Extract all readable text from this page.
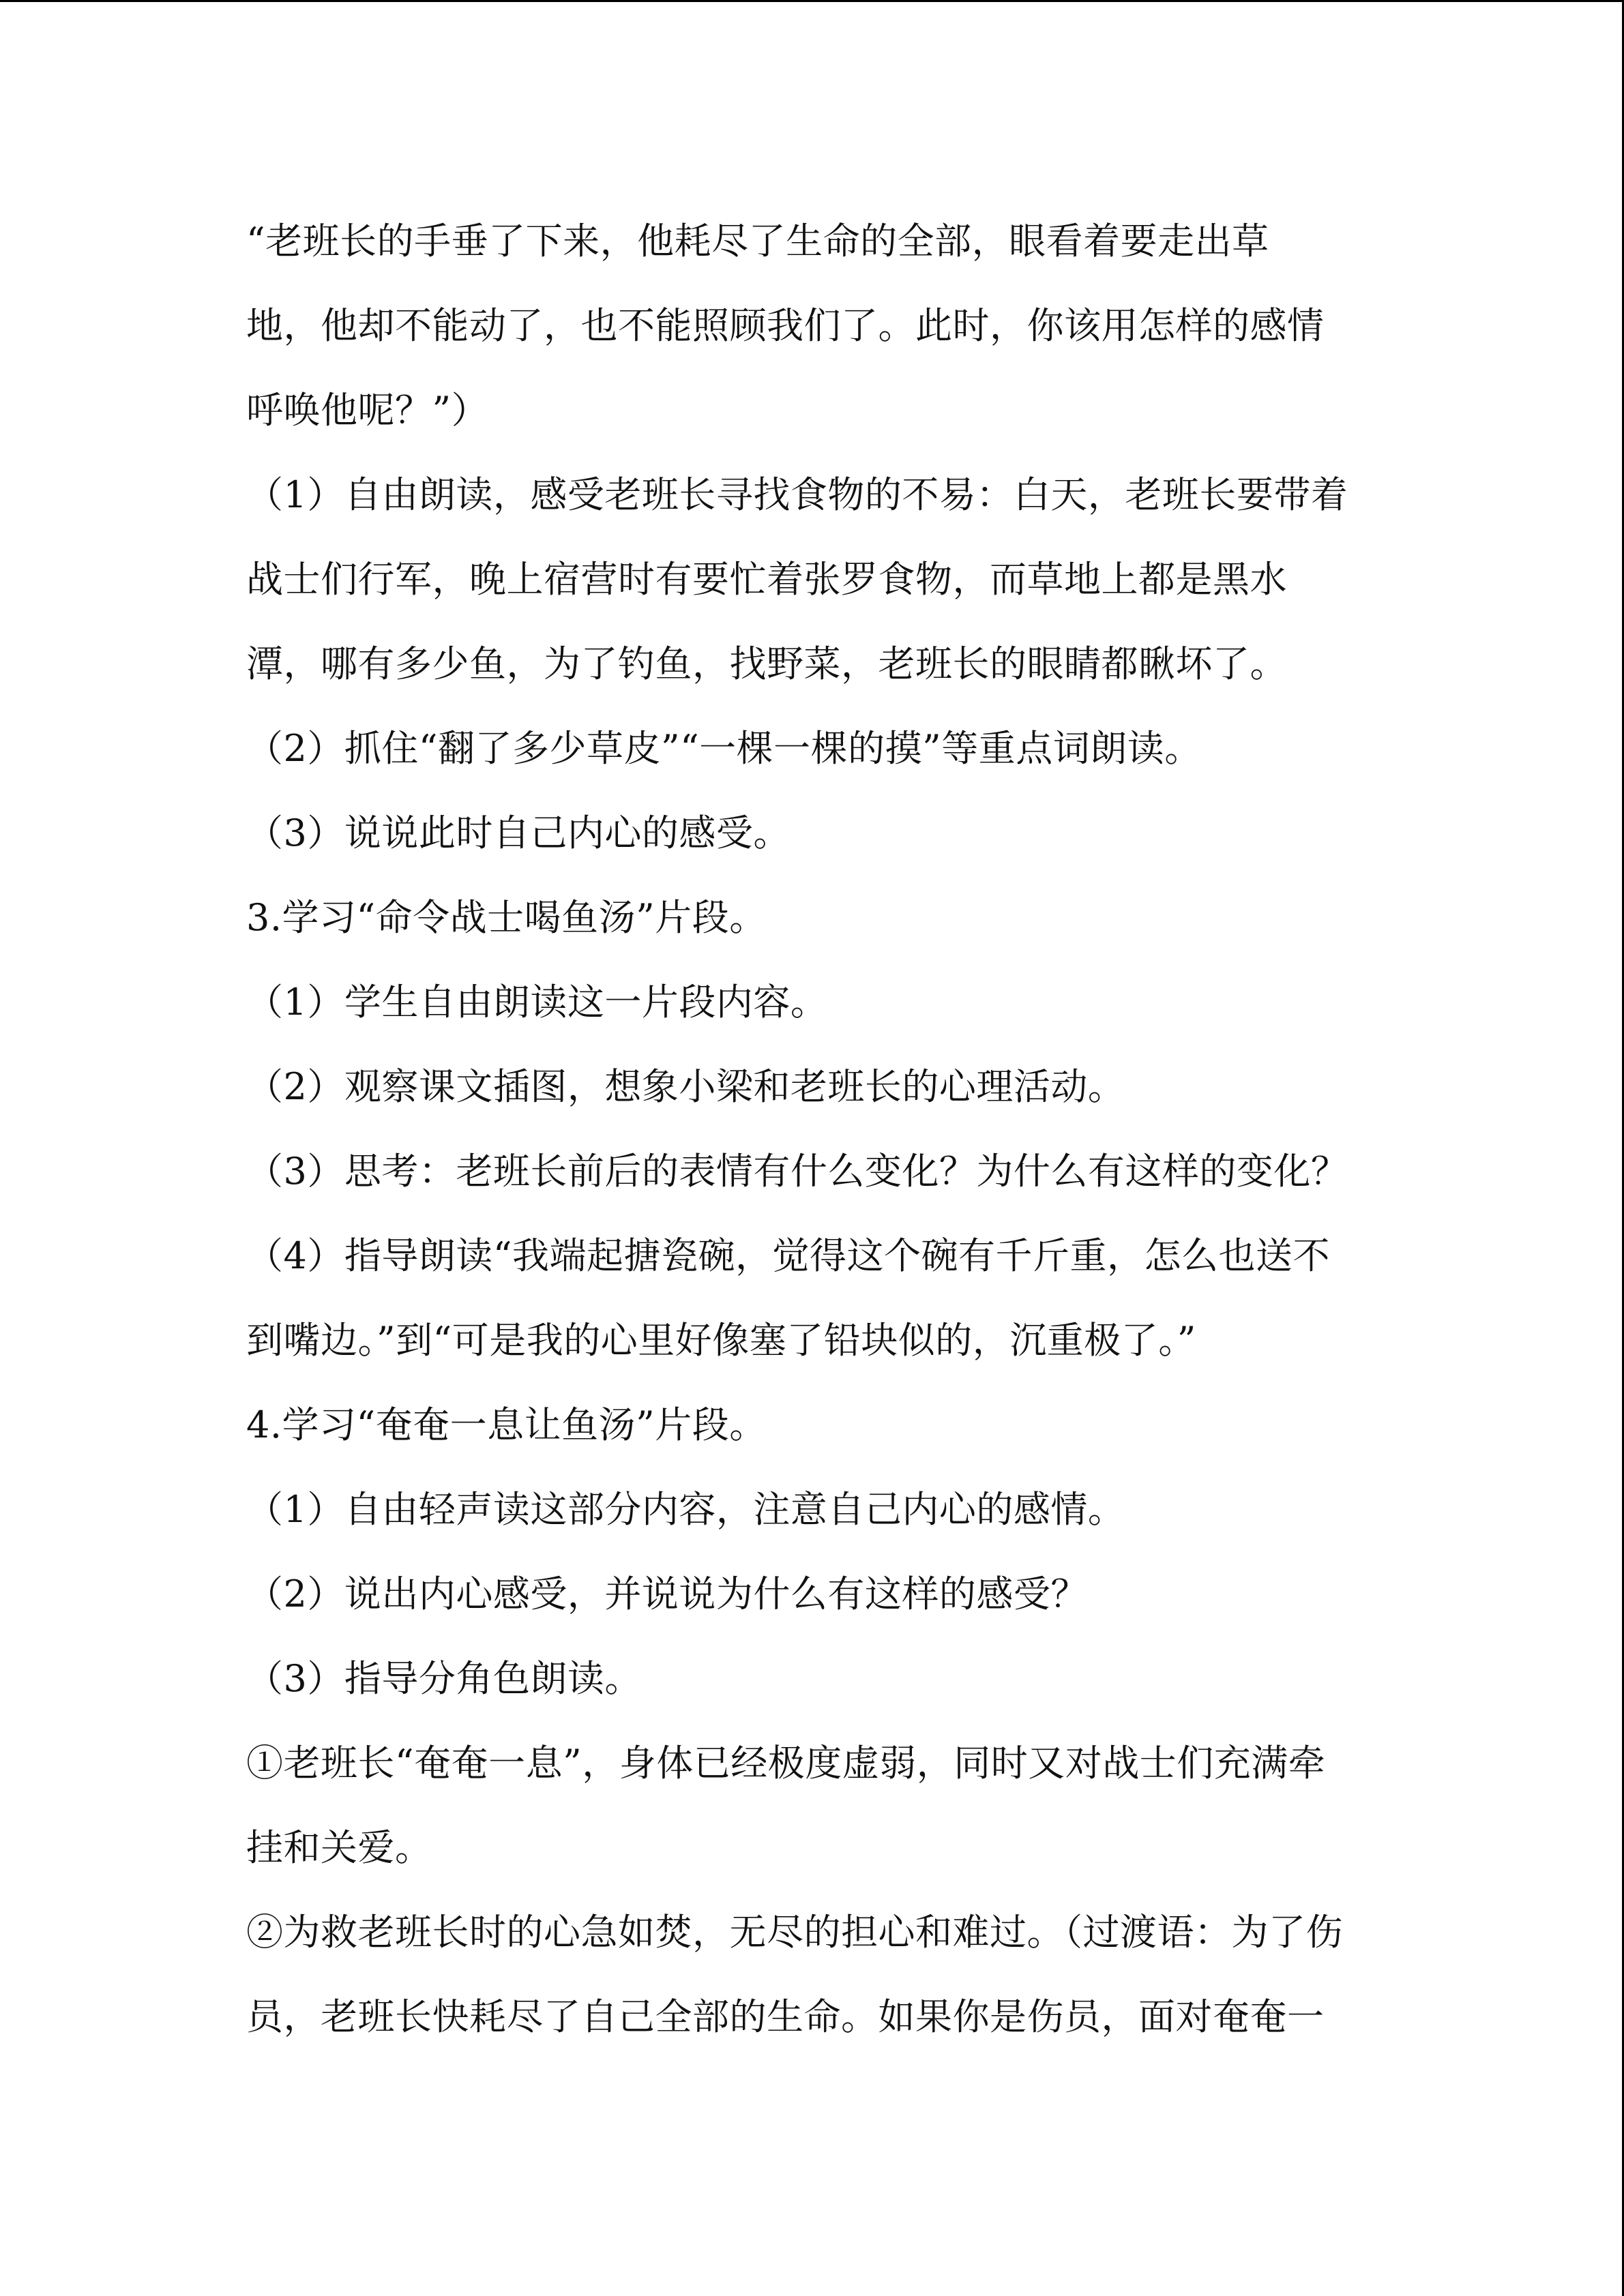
“老班长的手垂了下来，他耗尽了生命的全部，眼看着要走出草
地，他却不能动了，也不能照顾我们了。此时，你该用怎样的感情
呼唤他呢？”）
（1）自由朗读，感受老班长寻找食物的不易：白天，老班长要带着
战士们行军，晚上宿营时有要忙着张罗食物，而草地上都是黑水
潭，哪有多少鱼，为了钓鱼，找野菜，老班长的眼睛都瞅坏了。
（2）抓住“翻了多少草皮”“一棵一棵的摸”等重点词朗读。
（3）说说此时自己内心的感受。
3.学习“命令战士喝鱼汤”片段。
（1）学生自由朗读这一片段内容。
（2）观察课文插图，想象小梁和老班长的心理活动。
（3）思考：老班长前后的表情有什么变化？为什么有这样的变化？
（4）指导朗读“我端起搪瓷碗，觉得这个碗有千斤重，怎么也送不
到嘴边。”到“可是我的心里好像塞了铅块似的，沉重极了。”
4.学习“奄奄一息让鱼汤”片段。
（1）自由轻声读这部分内容，注意自己内心的感情。
（2）说出内心感受，并说说为什么有这样的感受？
（3）指导分角色朗读。
①老班长“奄奄一息”，身体已经极度虚弱，同时又对战士们充满牵
挂和关爱。
②为救老班长时的心急如焚，无尽的担心和难过。（过渡语：为了伤
员，老班长快耗尽了自己全部的生命。如果你是伤员，面对奄奄一
